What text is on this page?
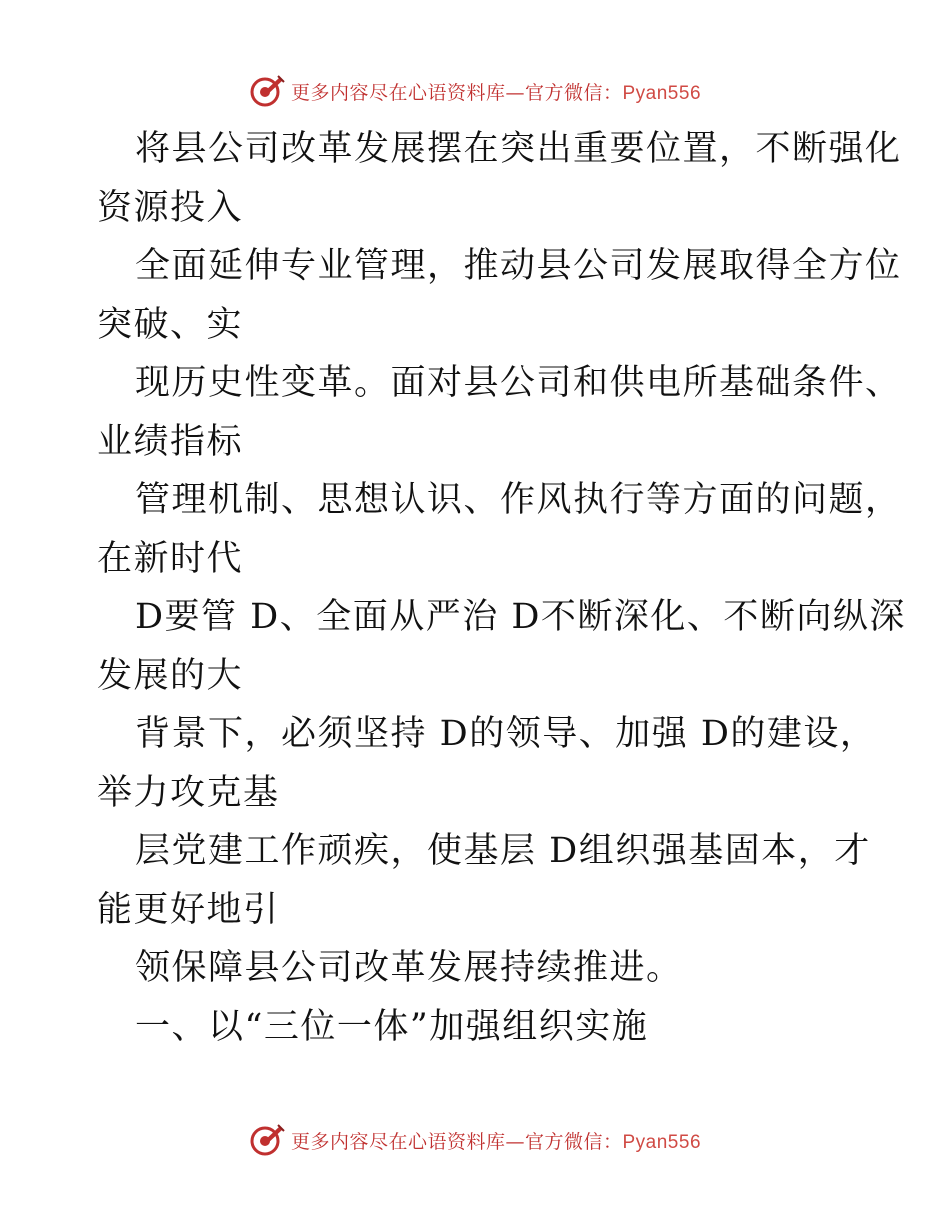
更多内容尽在心语资料库—官方微信：Pyan556
将县公司改革发展摆在突出重要位置，不断强化
资源投入
全面延伸专业管理，推动县公司发展取得全方位
突破、实
现历史性变革。面对县公司和供电所基础条件、
业绩指标
管理机制、思想认识、作风执行等方面的问题，
在新时代
D要管 D、全面从严治 D不断深化、不断向纵深
发展的大
背景下，必须坚持 D的领导、加强 D的建设，
举力攻克基
层党建工作顽疾，使基层 D组织强基固本，才
能更好地引
领保障县公司改革发展持续推进。
一、以“三位一体”加强组织实施
更多内容尽在心语资料库—官方微信：Pyan556
